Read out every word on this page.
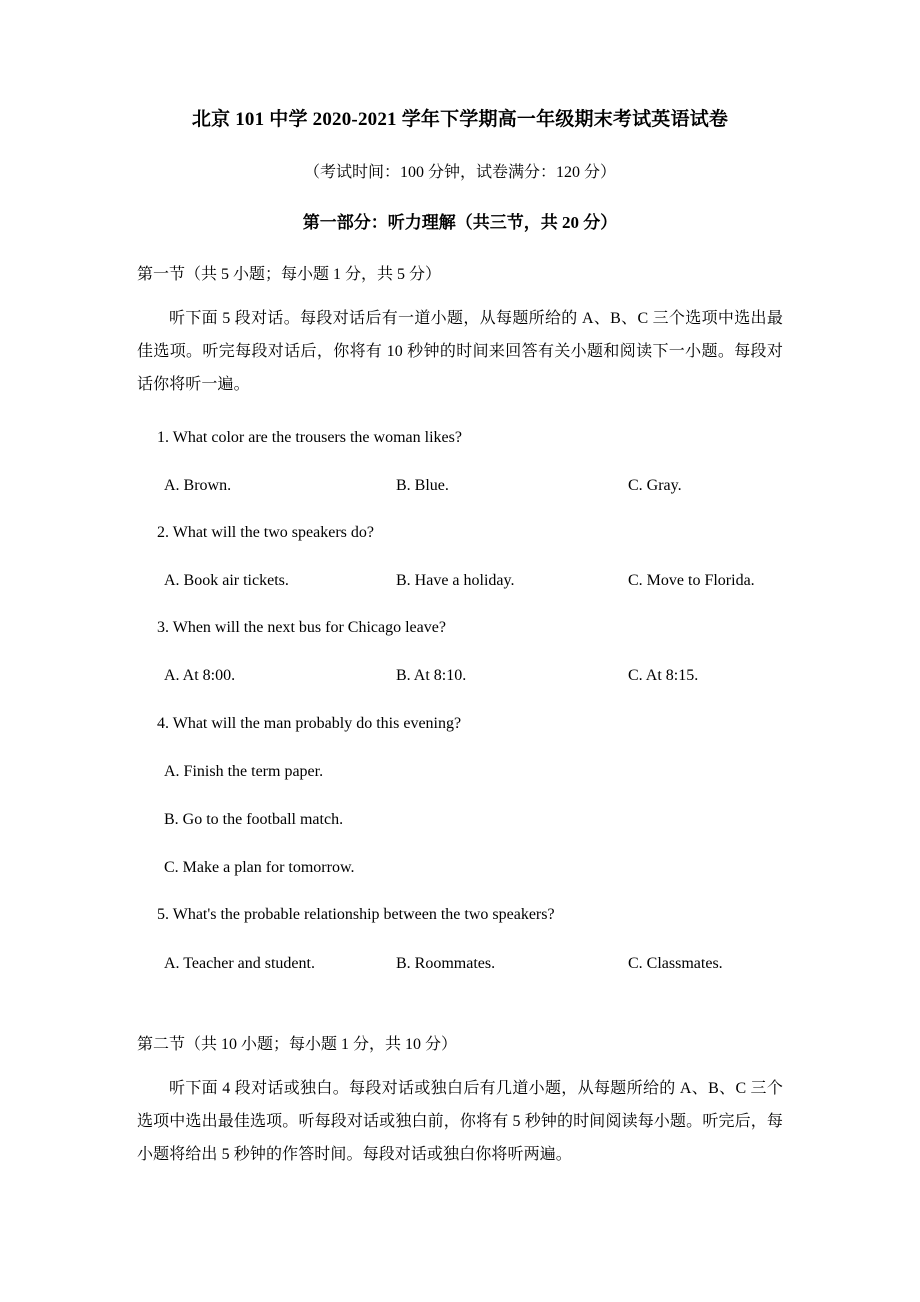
北京 101 中学 2020-2021 学年下学期高一年级期末考试英语试卷

（考试时间：100 分钟，试卷满分：120 分）

第一部分：听力理解（共三节，共 20 分）

第一节（共 5 小题；每小题 1 分，共 5 分）

听下面 5 段对话。每段对话后有一道小题，从每题所给的 A、B、C 三个选项中选出最佳选项。听完每段对话后，你将有 10 秒钟的时间来回答有关小题和阅读下一小题。每段对话你将听一遍。

1. What color are the trousers the woman likes?

A. Brown.	B. Blue.	C. Gray.

2. What will the two speakers do?

A. Book air tickets.	B. Have a holiday.	C. Move to Florida.

3. When will the next bus for Chicago leave?

A. At 8:00.	B. At 8:10.	C. At 8:15.

4. What will the man probably do this evening?

A. Finish the term paper.
B. Go to the football match.
C. Make a plan for tomorrow.

5. What's the probable relationship between the two speakers?

A. Teacher and student.	B. Roommates.	C. Classmates.

第二节（共 10 小题；每小题 1 分，共 10 分）

听下面 4 段对话或独白。每段对话或独白后有几道小题，从每题所给的 A、B、C 三个选项中选出最佳选项。听每段对话或独白前，你将有 5 秒钟的时间阅读每小题。听完后，每小题将给出 5 秒钟的作答时间。每段对话或独白你将听两遍。
